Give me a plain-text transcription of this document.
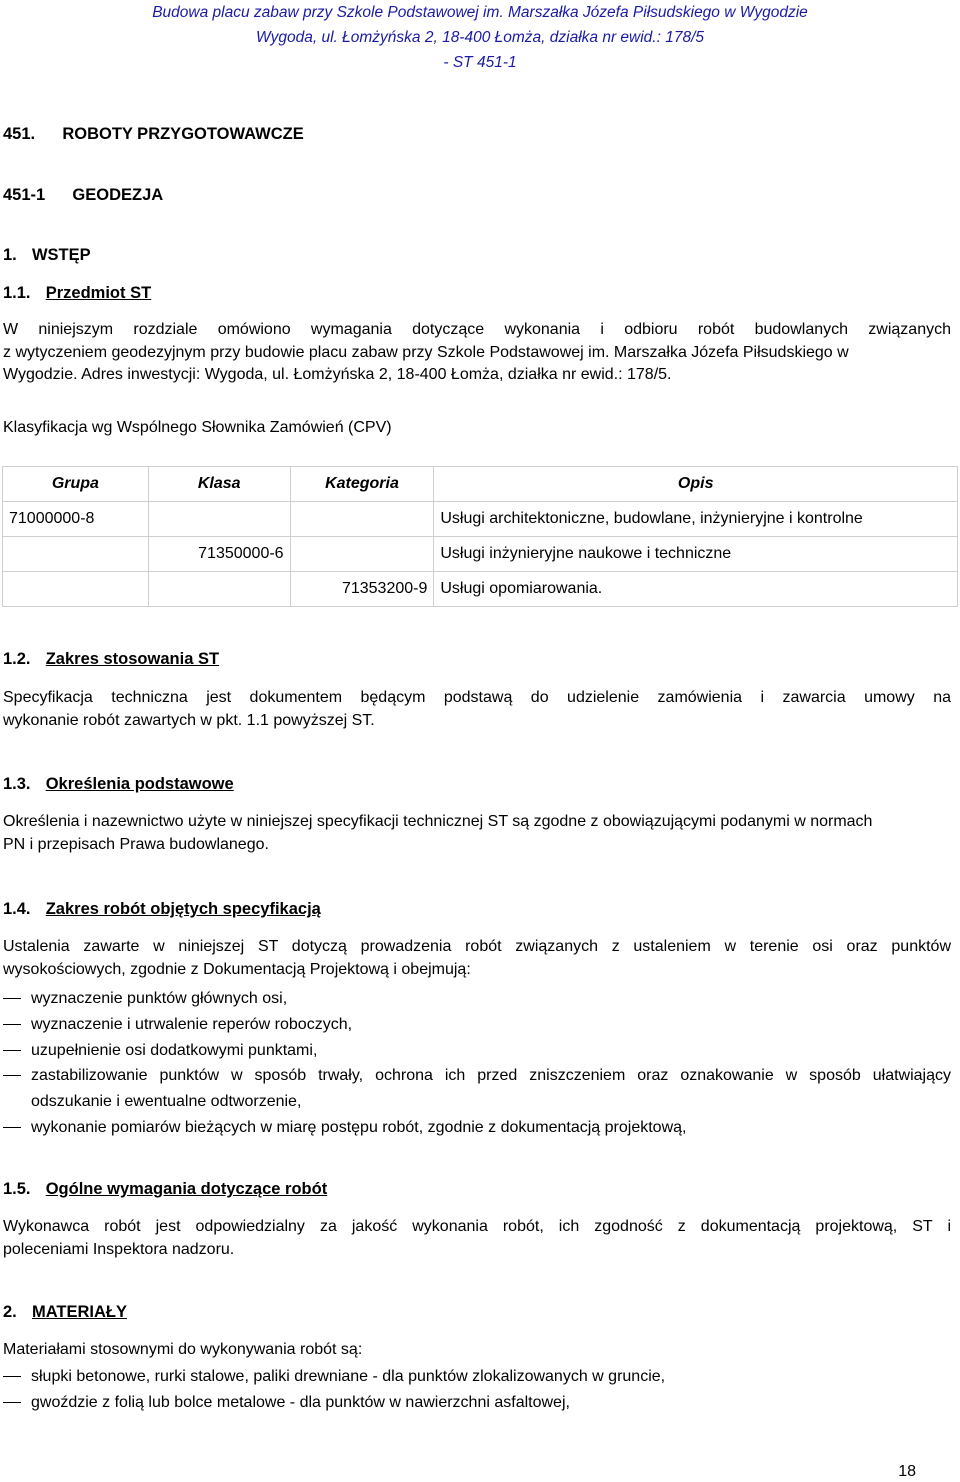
Budowa placu zabaw przy Szkole Podstawowej im. Marszałka Józefa Piłsudskiego w Wygodzie
Wygoda, ul. Łomżyńska 2, 18-400 Łomża, działka nr ewid.: 178/5
- ST 451-1
451. ROBOTY PRZYGOTOWAWCZE
451-1 GEODEZJA
1. WSTĘP
1.1. Przedmiot ST
W niniejszym rozdziale omówiono wymagania dotyczące wykonania i odbioru robót budowlanych związanych
z wytyczeniem geodezyjnym przy budowie placu zabaw przy Szkole Podstawowej im. Marszałka Józefa Piłsudskiego w
Wygodzie. Adres inwestycji: Wygoda, ul. Łomżyńska 2, 18-400 Łomża, działka nr ewid.: 178/5.
Klasyfikacja wg Wspólnego Słownika Zamówień (CPV)
Grupa	Klasa	Kategoria	Opis
71000000-8			Usługi architektoniczne, budowlane, inżynieryjne i kontrolne
	71350000-6		Usługi inżynieryjne naukowe i techniczne
		71353200-9	Usługi opomiarowania.
1.2. Zakres stosowania ST
Specyfikacja techniczna jest dokumentem będącym podstawą do udzielenie zamówienia i zawarcia umowy na
wykonanie robót zawartych w pkt. 1.1 powyższej ST.
1.3. Określenia podstawowe
Określenia i nazewnictwo użyte w niniejszej specyfikacji technicznej ST są zgodne z obowiązującymi podanymi w normach
PN i przepisach Prawa budowlanego.
1.4. Zakres robót objętych specyfikacją
Ustalenia zawarte w niniejszej ST dotyczą prowadzenia robót związanych z ustaleniem w terenie osi oraz punktów
wysokościowych, zgodnie z Dokumentacją Projektową i obejmują:
wyznaczenie punktów głównych osi,
wyznaczenie i utrwalenie reperów roboczych,
uzupełnienie osi dodatkowymi punktami,
zastabilizowanie punktów w sposób trwały, ochrona ich przed zniszczeniem oraz oznakowanie w sposób ułatwiający
odszukanie i ewentualne odtworzenie,
wykonanie pomiarów bieżących w miarę postępu robót, zgodnie z dokumentacją projektową,
1.5. Ogólne wymagania dotyczące robót
Wykonawca robót jest odpowiedzialny za jakość wykonania robót, ich zgodność z dokumentacją projektową, ST i
poleceniami Inspektora nadzoru.
2. MATERIAŁY
Materiałami stosownymi do wykonywania robót są:
słupki betonowe, rurki stalowe, paliki drewniane - dla punktów zlokalizowanych w gruncie,
gwoździe z folią lub bolce metalowe - dla punktów w nawierzchni asfaltowej,
18
